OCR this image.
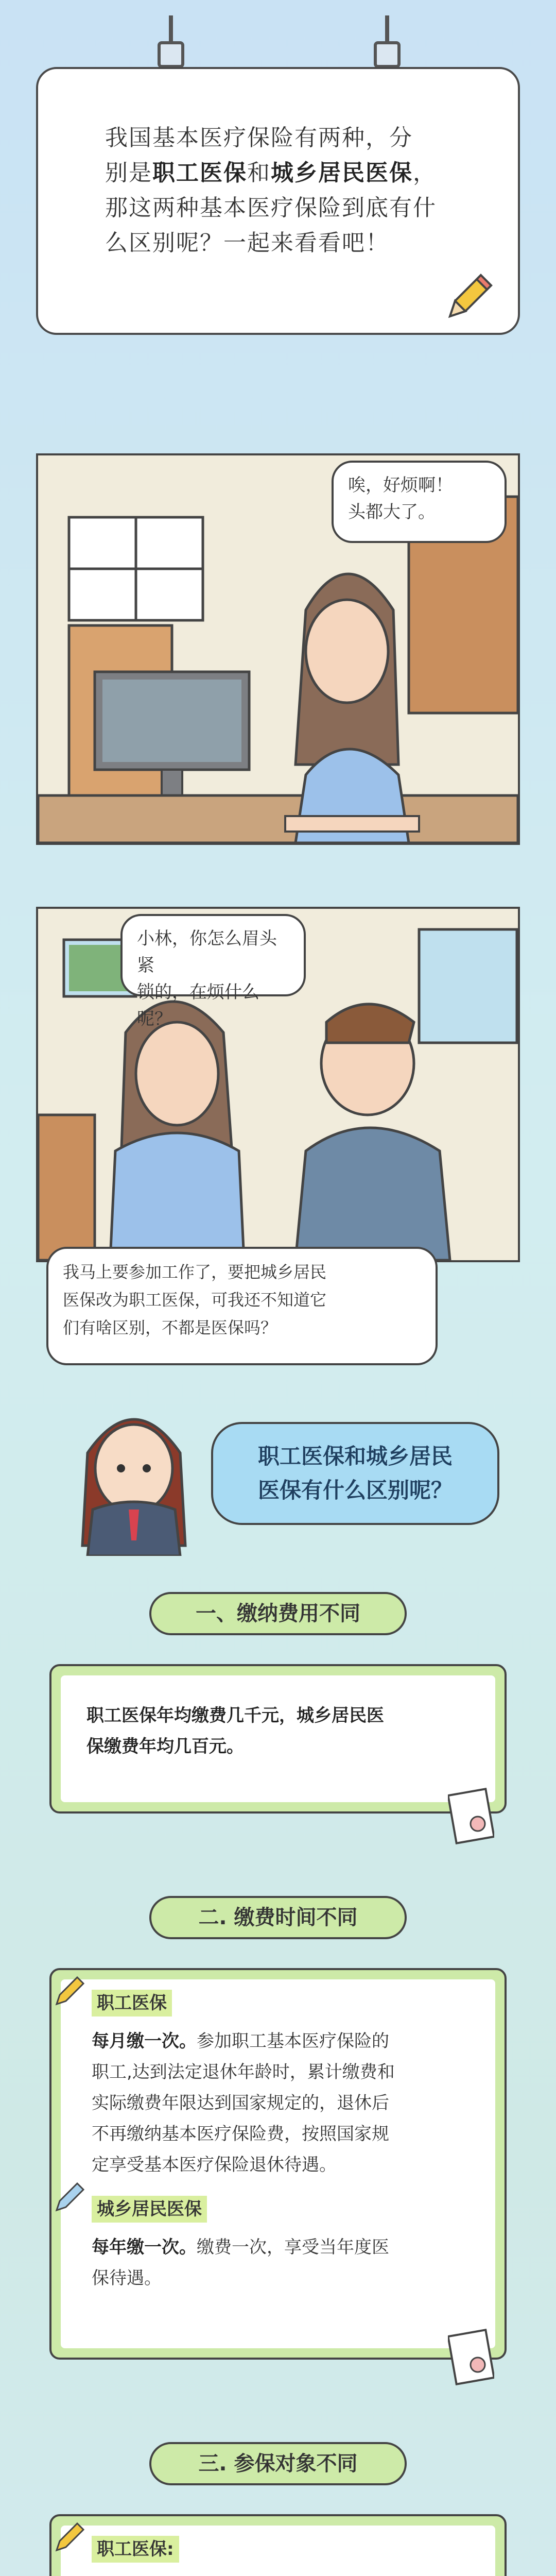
我国基本医疗保险有两种，分
别是职工医保和城乡居民医保，
那这两种基本医疗保险到底有什
么区别呢？一起来看看吧！
唉，好烦啊！
头都大了。
小林，你怎么眉头紧
锁的，在烦什么呢？
我马上要参加工作了，要把城乡居民
医保改为职工医保，可我还不知道它
们有啥区别，不都是医保吗？
职工医保和城乡居民
医保有什么区别呢？
一、缴纳费用不同
职工医保年均缴费几千元，城乡居民医
保缴费年均几百元。
二. 缴费时间不同
职工医保
每月缴一次。参加职工基本医疗保险的
职工,达到法定退休年龄时，累计缴费和
实际缴费年限达到国家规定的，退休后
不再缴纳基本医疗保险费，按照国家规
定享受基本医疗保险退休待遇。
城乡居民医保
每年缴一次。缴费一次，享受当年度医
保待遇。
三. 参保对象不同
职工医保:
